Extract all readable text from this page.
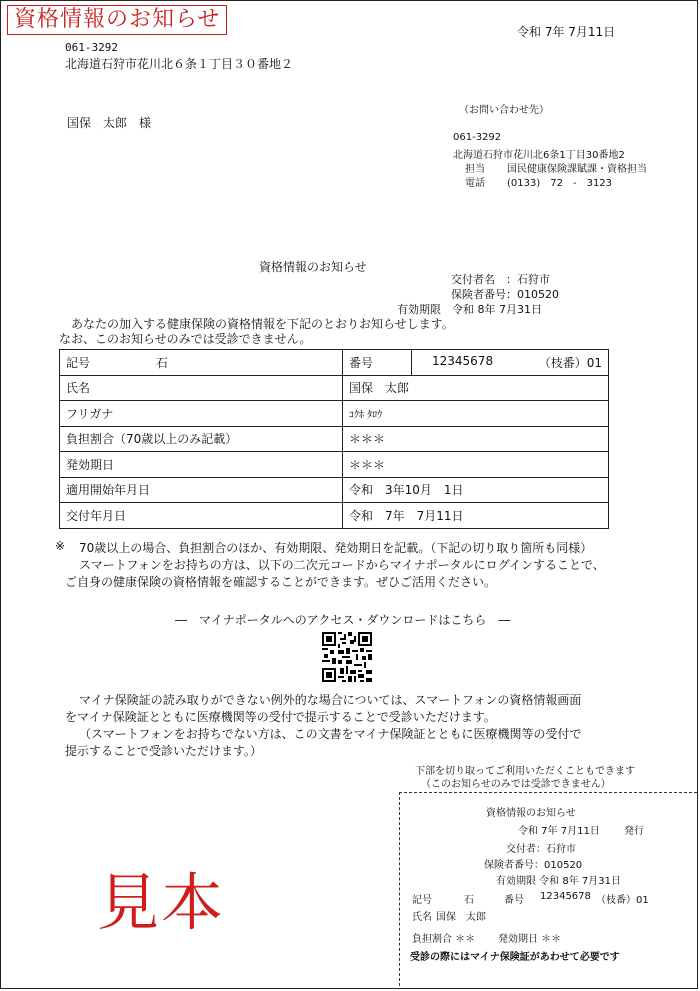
資格情報のお知らせ	令和 7年 7月11日
061-3292
北海道石狩市花川北６条１丁目３０番地２
国保　太郎　様
（お問い合わせ先）
061-3292
北海道石狩市花川北6条1丁目30番地2
担当 国民健康保険課賦課・資格担当
電話 (0133)　72　-　3123
資格情報のお知らせ
交付者名　：石狩市
保険者番号：010520
有効期限　令和 8年 7月31日
あなたの加入する健康保険の資格情報を下記のとおりお知らせします。
なお、このお知らせのみでは受診できません。
記号	石	番号	12345678 （枝番）01

氏名		国保　太郎	
フリガナ		ｺｸﾎ ﾀﾛｳ	
負担割合（70歳以上のみ記載）		＊＊＊	
発効期日		＊＊＊	
適用開始年月日		令和　3年10月　1日	
交付年月日		令和　7年　7月11日	
※ 70歳以上の場合、負担割合のほか、有効期限、発効期日を記載。（下記の切り取り箇所も同様）
スマートフォンをお持ちの方は、以下の二次元コードからマイナポータルにログインすることで、
ご自身の健康保険の資格情報を確認することができます。ぜひご活用ください。
―　マイナポータルへのアクセス・ダウンロードはこちら　―
マイナ保険証の読み取りができない例外的な場合については、スマートフォンの資格情報画面
をマイナ保険証とともに医療機関等の受付で提示することで受診いただけます。
（スマートフォンをお持ちでない方は、この文書をマイナ保険証とともに医療機関等の受付で
提示することで受診いただけます。）
下部を切り取ってご利用いただくこともできます
（このお知らせのみでは受診できません）
見本
資格情報のお知らせ
令和 7年 7月11日 発行
交付者：石狩市
保険者番号：010520
有効期限 令和 8年 7月31日
記号	石	番号 12345678 （枝番）01
氏名 国保　太郎
負担割合 ＊＊ 発効期日 ＊＊
受診の際にはマイナ保険証があわせて必要です
